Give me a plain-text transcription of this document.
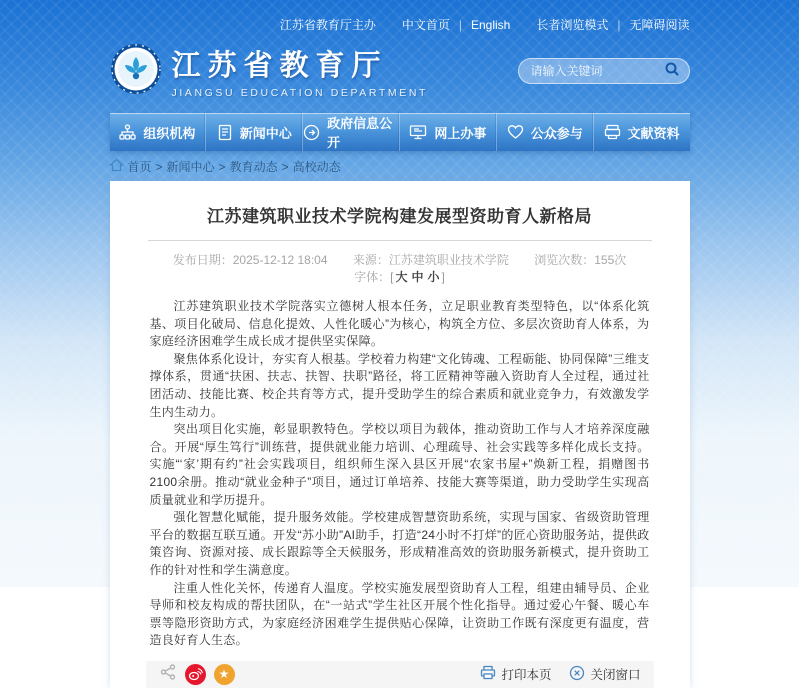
江苏省教育厅主办 中文首页 | English 长者浏览模式 | 无障碍阅读
江苏省教育厅
JIANGSU EDUCATION DEPARTMENT
请输入关键词
组织机构	新闻中心
政府信息公开
网上办事	公众参与	文献资料
首页 > 新闻中心 > 教育动态 > 高校动态
江苏建筑职业技术学院构建发展型资助育人新格局
发布日期：2025-12-12 18:04 来源：江苏建筑职业技术学院 浏览次数：155次 字体：[ 大 中 小 ]

江苏建筑职业技术学院落实立德树人根本任务，立足职业教育类型特色，以“体系化筑基、项目化破局、信息化提效、人性化暖心”为核心，构筑全方位、多层次资助育人体系，为家庭经济困难学生成长成才提供坚实保障。

聚焦体系化设计，夯实育人根基。学校着力构建“文化铸魂、工程砺能、协同保障”三维支撑体系，贯通“扶困、扶志、扶智、扶职”路径，将工匠精神等融入资助育人全过程，通过社团活动、技能比赛、校企共育等方式，提升受助学生的综合素质和就业竞争力，有效激发学生内生动力。

突出项目化实施，彰显职教特色。学校以项目为载体，推动资助工作与人才培养深度融合。开展“厚生笃行”训练营，提供就业能力培训、心理疏导、社会实践等多样化成长支持。实施“‘家’期有约”社会实践项目，组织师生深入县区开展“农家书屋+”焕新工程，捐赠图书2100余册。推动“就业金种子”项目，通过订单培养、技能大赛等渠道，助力受助学生实现高质量就业和学历提升。

强化智慧化赋能，提升服务效能。学校建成智慧资助系统，实现与国家、省级资助管理平台的数据互联互通。开发“苏小助”AI助手，打造“24小时不打烊”的匠心资助服务站，提供政策咨询、资源对接、成长跟踪等全天候服务，形成精准高效的资助服务新模式，提升资助工作的针对性和学生满意度。

注重人性化关怀，传递育人温度。学校实施发展型资助育人工程，组建由辅导员、企业导师和校友构成的帮扶团队，在“一站式”学生社区开展个性化指导。通过爱心午餐、暖心车票等隐形资助方式，为家庭经济困难学生提供贴心保障，让资助工作既有深度更有温度，营造良好育人生态。

★	打印本页	关闭窗口
